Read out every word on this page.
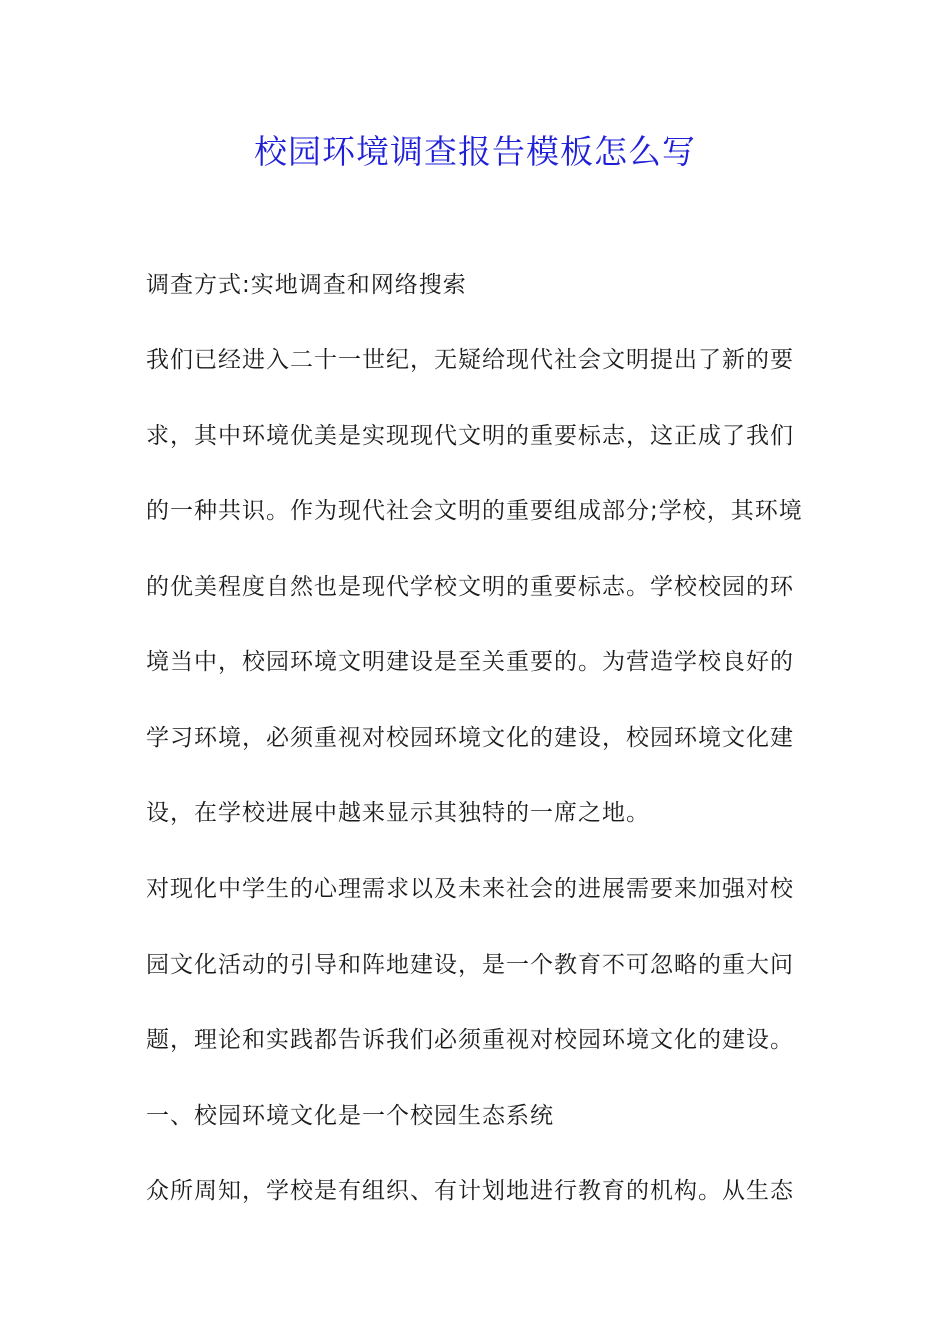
校园环境调查报告模板怎么写

调查方式:实地调查和网络搜索

我们已经进入二十一世纪，无疑给现代社会文明提出了新的要
求，其中环境优美是实现现代文明的重要标志，这正成了我们
的一种共识。作为现代社会文明的重要组成部分;学校，其环境
的优美程度自然也是现代学校文明的重要标志。学校校园的环
境当中，校园环境文明建设是至关重要的。为营造学校良好的
学习环境，必须重视对校园环境文化的建设，校园环境文化建
设，在学校进展中越来显示其独特的一席之地。
对现化中学生的心理需求以及未来社会的进展需要来加强对校
园文化活动的引导和阵地建设，是一个教育不可忽略的重大问
题，理论和实践都告诉我们必须重视对校园环境文化的建设。

一、校园环境文化是一个校园生态系统

众所周知，学校是有组织、有计划地进行教育的机构。从生态
